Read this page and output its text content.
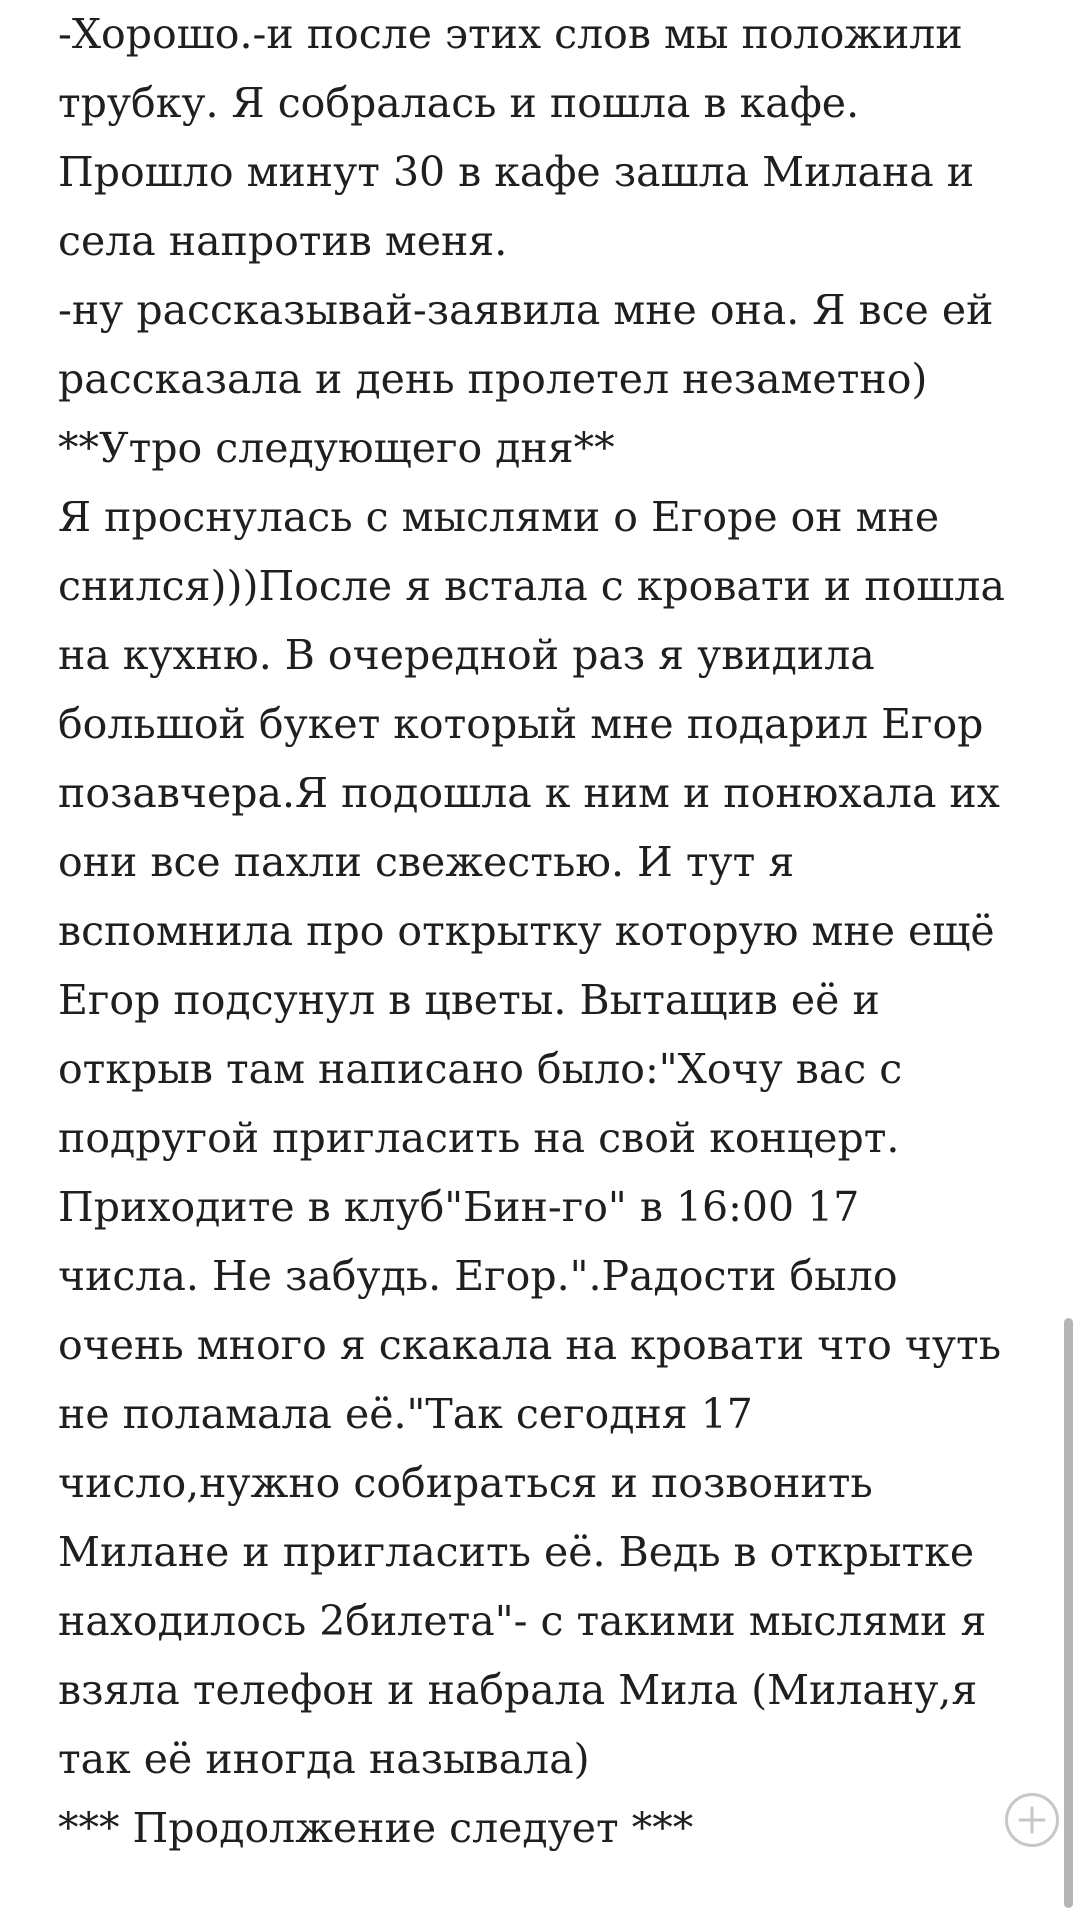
-Хорошо.-и после этих слов мы положили
трубку. Я собралась и пошла в кафе.
Прошло минут 30 в кафе зашла Милана и
села напротив меня.
-ну рассказывай-заявила мне она. Я все ей
рассказала и день пролетел незаметно)
**Утро следующего дня**
Я проснулась с мыслями о Егоре он мне
снился)))После я встала с кровати и пошла
на кухню. В очередной раз я увидила
большой букет который мне подарил Егор
позавчера.Я подошла к ним и понюхала их
они все пахли свежестью. И тут я
вспомнила про открытку которую мне ещё
Егор подсунул в цветы. Вытащив её и
открыв там написано было:"Хочу вас с
подругой пригласить на свой концерт.
Приходите в клуб"Бин-го" в 16:00 17
числа. Не забудь. Егор.".Радости было
очень много я скакала на кровати что чуть
не поламала её."Так сегодня 17
число,нужно собираться и позвонить
Милане и пригласить её. Ведь в открытке
находилось 2билета"- с такими мыслями я
взяла телефон и набрала Мила (Милану,я
так её иногда называла)
*** Продолжение следует ***
